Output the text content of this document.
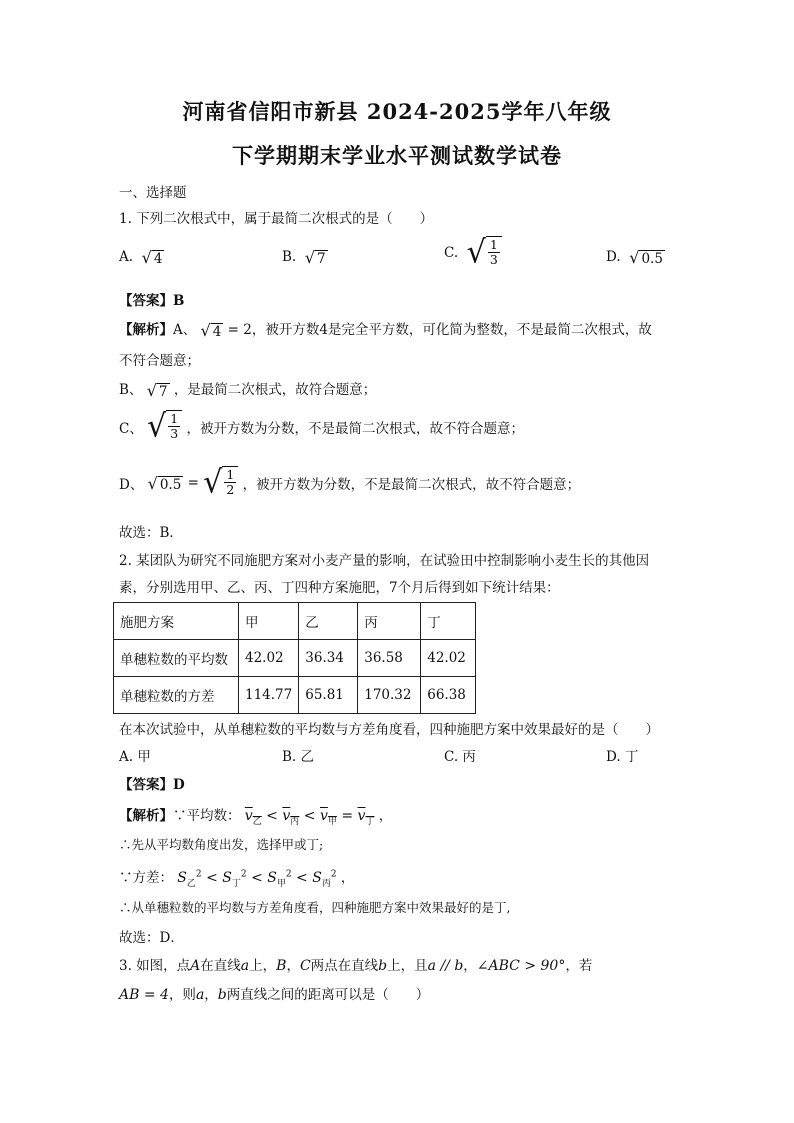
河南省信阳市新县 2024-2025学年八年级
下学期期末学业水平测试数学试卷
一、选择题
1. 下列二次根式中，属于最简二次根式的是（　　）
A. √ 4	B. √ 7	C. √ $\frac{1}{3}$	D. √ 0.5
【答案】B
【解析】A、 √ 4 = 2，被开方数4是完全平方数，可化简为整数，不是最简二次根式，故
不符合题意；
B、 √ 7 ，是最简二次根式，故符合题意；
C、 √ $\frac{1}{3}$ ，被开方数为分数，不是最简二次根式，故不符合题意；
D、 √ 0.5 = √ $\frac{1}{2}$ ，被开方数为分数，不是最简二次根式，故不符合题意；
故选：B．
2. 某团队为研究不同施肥方案对小麦产量的影响，在试验田中控制影响小麦生长的其他因
素，分别选用甲、乙、丙、丁四种方案施肥，7个月后得到如下统计结果：
施肥方案	甲	乙	丙	丁
单穗粒数的平均数	42.02	36.34	36.58	42.02
单穗粒数的方差	114.77	65.81	170.32	66.38
在本次试验中，从单穗粒数的平均数与方差角度看，四种施肥方案中效果最好的是（　　）
A. 甲	B. 乙	C. 丙	D. 丁
【答案】D
【解析】∵平均数： $v_乙 < v_丙 < v_甲 = v_丁$ ，
∴先从平均数角度出发，选择甲或丁;
∵方差： $S_乙^2 < S_丁^2 < S_甲^2 < S_丙^2$ ，
∴从单穗粒数的平均数与方差角度看，四种施肥方案中效果最好的是丁,
故选：D．
3. 如图，点A在直线a上，B，C两点在直线b上，且a // b，∠ABC > 90°，若
AB = 4，则a，b两直线之间的距离可以是（　　）
